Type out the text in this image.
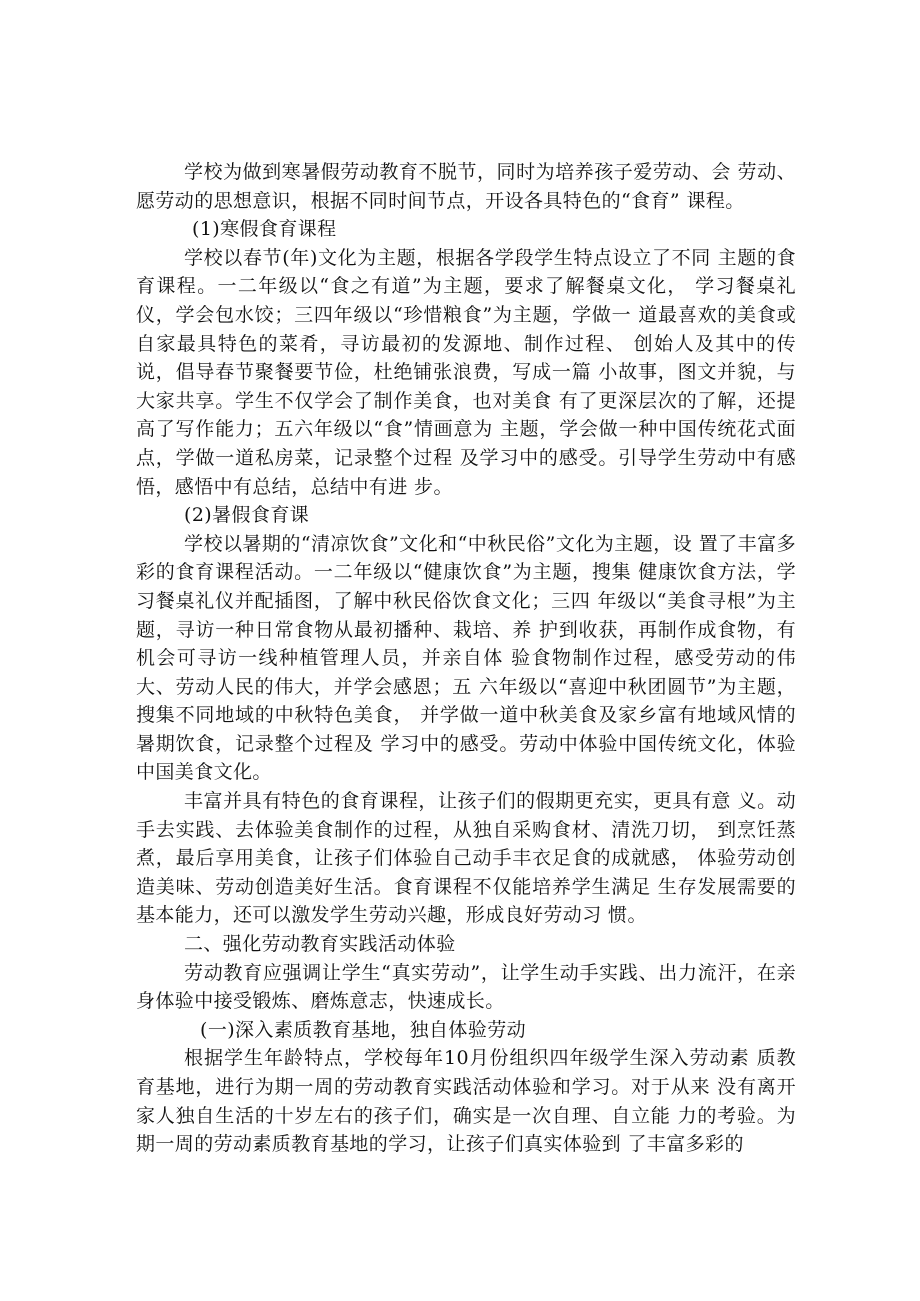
学校为做到寒暑假劳动教育不脱节，同时为培养孩子爱劳动、会 劳动、愿劳动的思想意识，根据不同时间节点，开设各具特色的“食育” 课程。

(1)寒假食育课程

学校以春节(年)文化为主题，根据各学段学生特点设立了不同 主题的食育课程。一二年级以“食之有道”为主题，要求了解餐桌文化， 学习餐桌礼仪，学会包水饺；三四年级以“珍惜粮食”为主题，学做一 道最喜欢的美食或自家最具特色的菜肴，寻访最初的发源地、制作过程、 创始人及其中的传说，倡导春节聚餐要节俭，杜绝铺张浪费，写成一篇 小故事，图文并貌，与大家共享。学生不仅学会了制作美食，也对美食 有了更深层次的了解，还提高了写作能力；五六年级以“食”情画意为 主题，学会做一种中国传统花式面点，学做一道私房菜，记录整个过程 及学习中的感受。引导学生劳动中有感悟，感悟中有总结，总结中有进 步。

(2)暑假食育课

学校以暑期的“清凉饮食”文化和“中秋民俗”文化为主题，设 置了丰富多彩的食育课程活动。一二年级以“健康饮食”为主题，搜集 健康饮食方法，学习餐桌礼仪并配插图，了解中秋民俗饮食文化；三四 年级以“美食寻根”为主题，寻访一种日常食物从最初播种、栽培、养 护到收获，再制作成食物，有机会可寻访一线种植管理人员，并亲自体 验食物制作过程，感受劳动的伟大、劳动人民的伟大，并学会感恩；五 六年级以“喜迎中秋团圆节”为主题，搜集不同地域的中秋特色美食， 并学做一道中秋美食及家乡富有地域风情的暑期饮食，记录整个过程及 学习中的感受。劳动中体验中国传统文化，体验中国美食文化。

丰富并具有特色的食育课程，让孩子们的假期更充实，更具有意 义。动手去实践、去体验美食制作的过程，从独自采购食材、清洗刀切， 到烹饪蒸煮，最后享用美食，让孩子们体验自己动手丰衣足食的成就感， 体验劳动创造美味、劳动创造美好生活。食育课程不仅能培养学生满足 生存发展需要的基本能力，还可以激发学生劳动兴趣，形成良好劳动习 惯。

二、强化劳动教育实践活动体验

劳动教育应强调让学生“真实劳动”，让学生动手实践、出力流汗，在亲身体验中接受锻炼、磨炼意志，快速成长。

(一)深入素质教育基地，独自体验劳动

根据学生年龄特点，学校每年10月份组织四年级学生深入劳动素 质教育基地，进行为期一周的劳动教育实践活动体验和学习。对于从来 没有离开家人独自生活的十岁左右的孩子们，确实是一次自理、自立能 力的考验。为期一周的劳动素质教育基地的学习，让孩子们真实体验到 了丰富多彩的
